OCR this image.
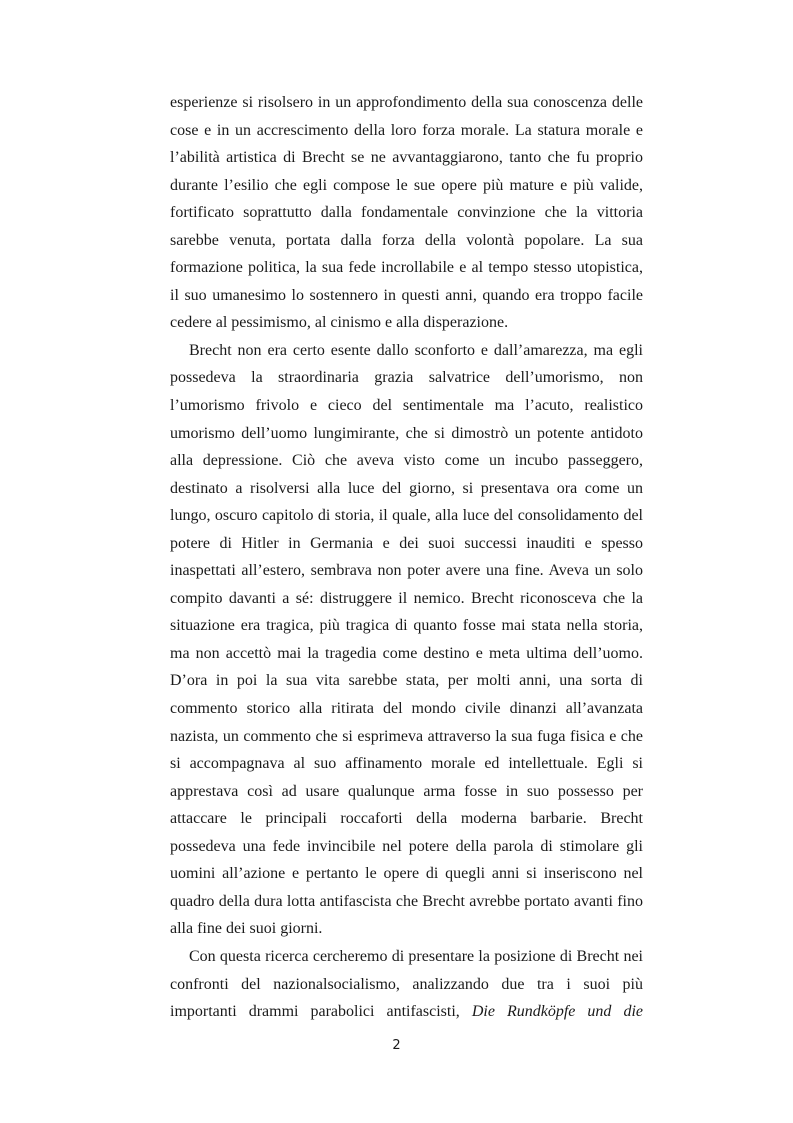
esperienze si risolsero in un approfondimento della sua conoscenza delle
cose e in un accrescimento della loro forza morale. La statura morale e
l’abilità artistica di Brecht se ne avvantaggiarono, tanto che fu proprio
durante l’esilio che egli compose le sue opere più mature e più valide,
fortificato soprattutto dalla fondamentale convinzione che la vittoria
sarebbe venuta, portata dalla forza della volontà popolare. La sua
formazione politica, la sua fede incrollabile e al tempo stesso utopistica,
il suo umanesimo lo sostennero in questi anni, quando era troppo facile
cedere al pessimismo, al cinismo e alla disperazione.
Brecht non era certo esente dallo sconforto e dall’amarezza, ma egli
possedeva la straordinaria grazia salvatrice dell’umorismo, non
l’umorismo frivolo e cieco del sentimentale ma l’acuto, realistico
umorismo dell’uomo lungimirante, che si dimostrò un potente antidoto
alla depressione. Ciò che aveva visto come un incubo passeggero,
destinato a risolversi alla luce del giorno, si presentava ora come un
lungo, oscuro capitolo di storia, il quale, alla luce del consolidamento del
potere di Hitler in Germania e dei suoi successi inauditi e spesso
inaspettati all’estero, sembrava non poter avere una fine. Aveva un solo
compito davanti a sé: distruggere il nemico. Brecht riconosceva che la
situazione era tragica, più tragica di quanto fosse mai stata nella storia,
ma non accettò mai la tragedia come destino e meta ultima dell’uomo.
D’ora in poi la sua vita sarebbe stata, per molti anni, una sorta di
commento storico alla ritirata del mondo civile dinanzi all’avanzata
nazista, un commento che si esprimeva attraverso la sua fuga fisica e che
si accompagnava al suo affinamento morale ed intellettuale. Egli si
apprestava così ad usare qualunque arma fosse in suo possesso per
attaccare le principali roccaforti della moderna barbarie. Brecht
possedeva una fede invincibile nel potere della parola di stimolare gli
uomini all’azione e pertanto le opere di quegli anni si inseriscono nel
quadro della dura lotta antifascista che Brecht avrebbe portato avanti fino
alla fine dei suoi giorni.
Con questa ricerca cercheremo di presentare la posizione di Brecht nei
confronti del nazionalsocialismo, analizzando due tra i suoi più
importanti drammi parabolici antifascisti, Die Rundköpfe und die
2
